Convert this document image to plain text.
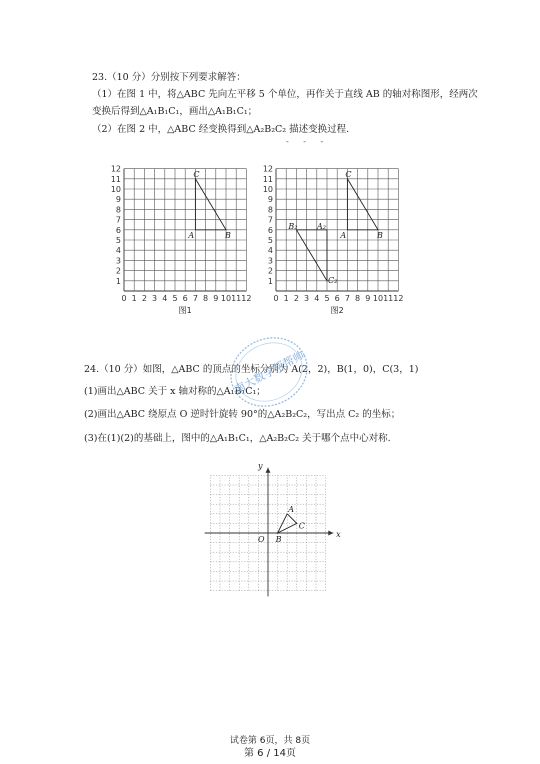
23.（10 分）分别按下列要求解答：
（1）在图 1 中，将△ABC 先向左平移 5 个单位，再作关于直线 AB 的轴对称图形，经两次
变换后得到△A₁B₁C₁，画出△A₁B₁C₁；
（2）在图 2 中，△ABC 经变换得到△A₂B₂C₂ 描述变换过程.
- - -
0 1 2 3 4 5 6 7 8 9 10 11 12
1
2
3
4
5
6
7
8
9
10
11
12
图1
A	B
C
0 1 2 3 4 5 6 7 8 9 10 11 12
1
2
3
4
5
6
7
8
9
10
11
12
图2
A	B
C
A₂
B₂
C₂
24.（10 分）如图，△ABC 的顶点的坐标分别为 A(2，2)，B(1，0)，C(3，1)
(1)画出△ABC 关于 x 轴对称的△A₁B₁C₁；
(2)画出△ABC 绕原点 O 逆时针旋转 90°的△A₂B₂C₂，写出点 C₂ 的坐标；
(3)在(1)(2)的基础上，图中的△A₁B₁C₁，△A₂B₂C₂ 关于哪个点中心对称.
南大数学帮帮帅
x
y
O
A
B
C
试卷第 6页，共 8页
第 6 / 14页
